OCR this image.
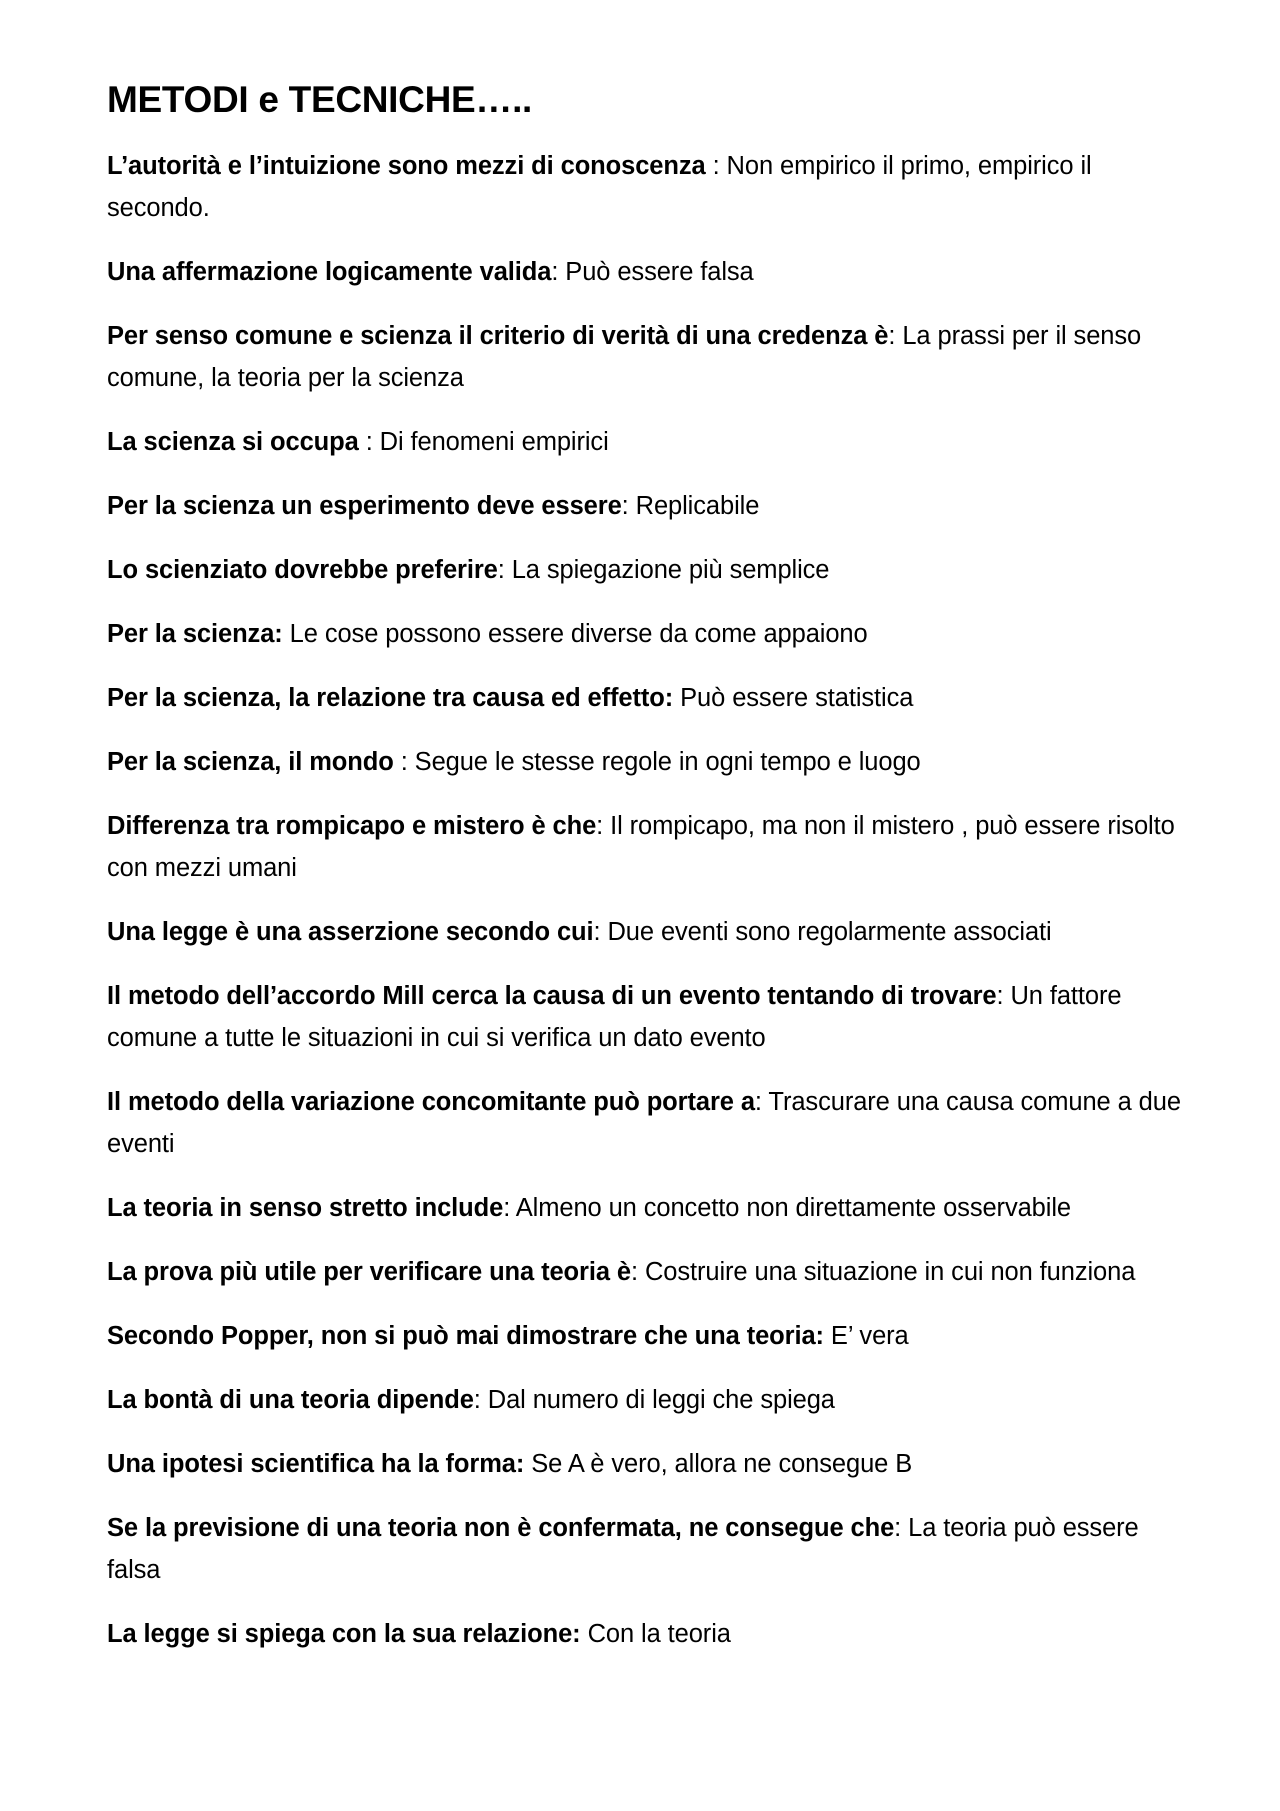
METODI e TECNICHE…..

L’autorità e l’intuizione sono mezzi di conoscenza : Non empirico il primo, empirico il secondo.

Una affermazione logicamente valida: Può essere falsa

Per senso comune e scienza il criterio di verità di una credenza è: La prassi per il senso comune, la teoria per la scienza

La scienza si occupa : Di fenomeni empirici

Per la scienza un esperimento deve essere: Replicabile

Lo scienziato dovrebbe preferire: La spiegazione più semplice

Per la scienza: Le cose possono essere diverse da come appaiono

Per la scienza, la relazione tra causa ed effetto: Può essere statistica

Per la scienza, il mondo : Segue le stesse regole in ogni tempo e luogo

Differenza tra rompicapo e mistero è che: Il rompicapo, ma non il mistero , può essere risolto con mezzi umani

Una legge è una asserzione secondo cui: Due eventi sono regolarmente associati

Il metodo dell’accordo Mill cerca la causa di un evento tentando di trovare: Un fattore comune a tutte le situazioni in cui si verifica un dato evento

Il metodo della variazione concomitante può portare a: Trascurare una causa comune a due eventi

La teoria in senso stretto include: Almeno un concetto non direttamente osservabile

La prova più utile per verificare una teoria è: Costruire una situazione in cui non funziona

Secondo Popper, non si può mai dimostrare che una teoria: E’ vera

La bontà di una teoria dipende: Dal numero di leggi che spiega

Una ipotesi scientifica ha la forma: Se A è vero, allora ne consegue B

Se la previsione di una teoria non è confermata, ne consegue che: La teoria può essere falsa

La legge si spiega con la sua relazione: Con la teoria
